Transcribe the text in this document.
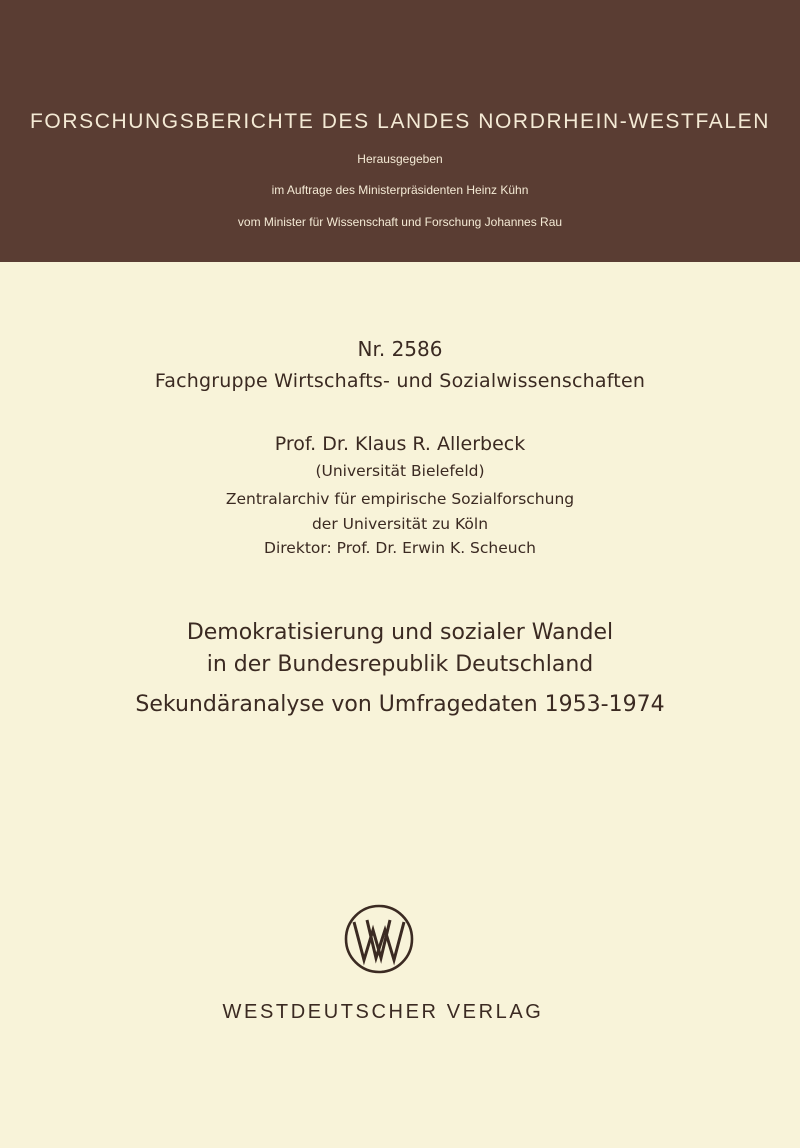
FORSCHUNGSBERICHTE DES LANDES NORDRHEIN-WESTFALEN
Herausgegeben
im Auftrage des Ministerpräsidenten Heinz Kühn
vom Minister für Wissenschaft und Forschung Johannes Rau
Nr. 2586
Fachgruppe Wirtschafts- und Sozialwissenschaften
Prof. Dr. Klaus R. Allerbeck
(Universität Bielefeld)
Zentralarchiv für empirische Sozialforschung
der Universität zu Köln
Direktor: Prof. Dr. Erwin K. Scheuch
Demokratisierung und sozialer Wandel
in der Bundesrepublik Deutschland
Sekundäranalyse von Umfragedaten 1953-1974
WESTDEUTSCHER VERLAG
